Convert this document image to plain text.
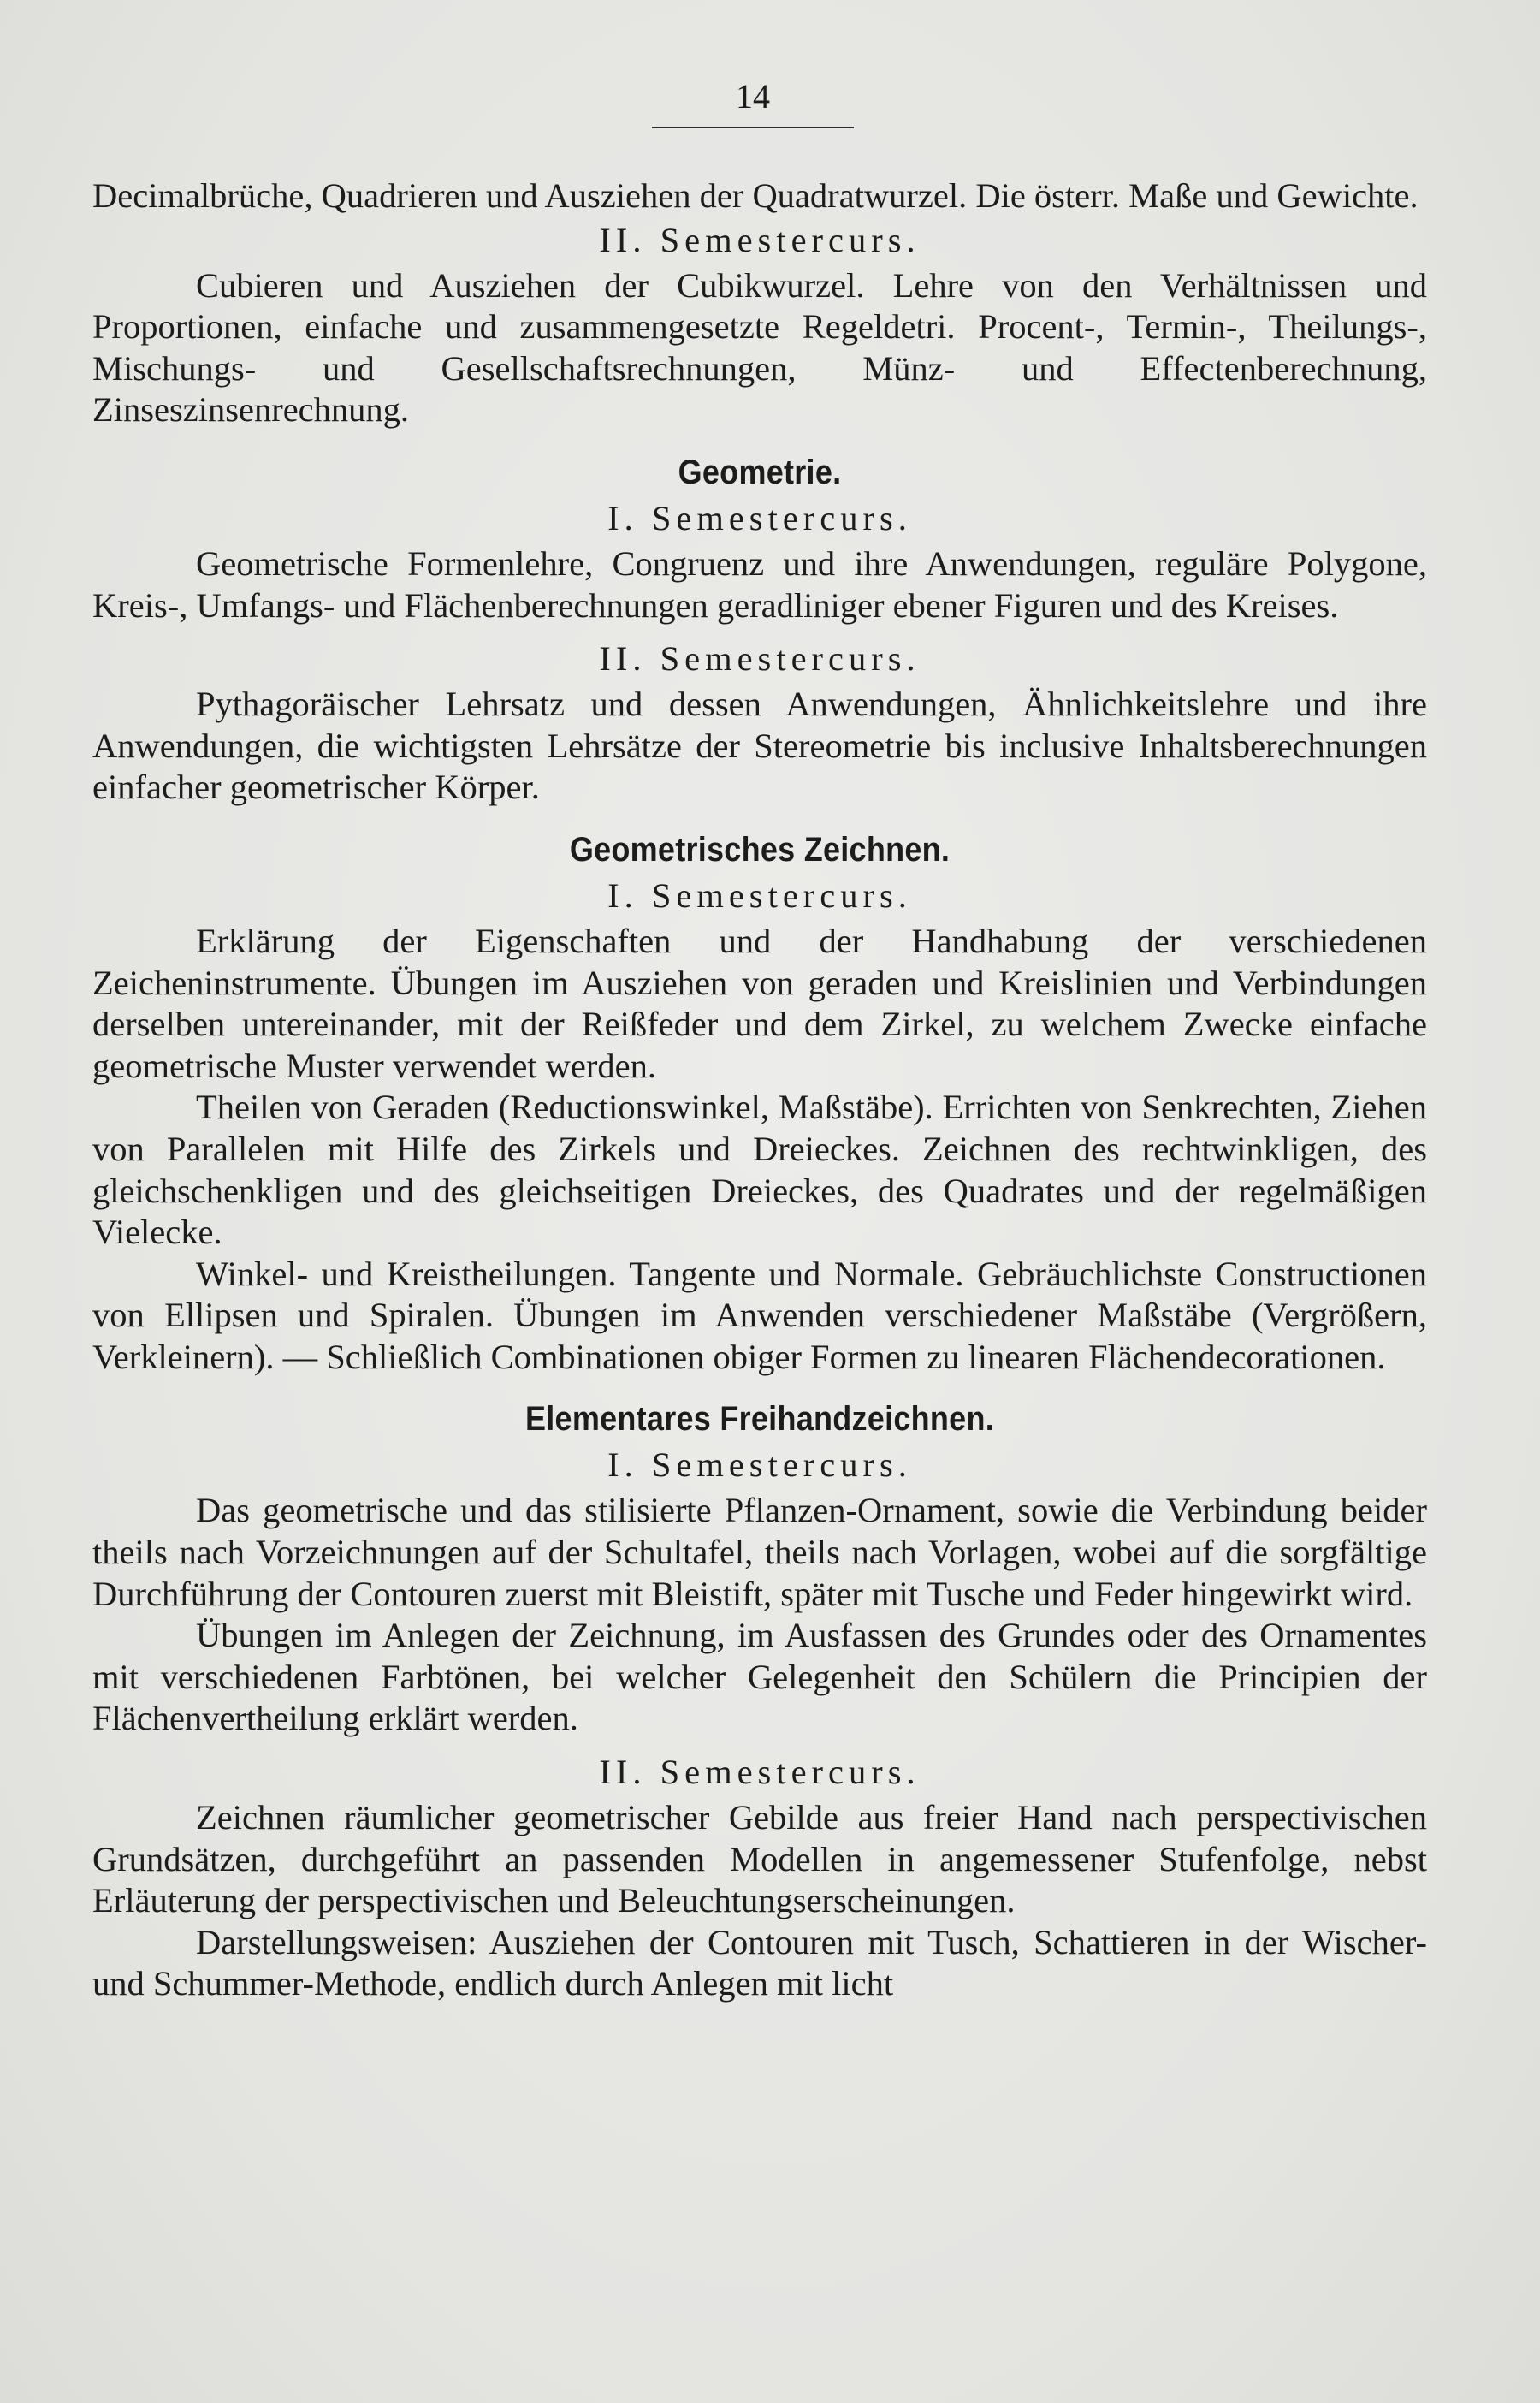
14

Decimalbrüche, Quadrieren und Ausziehen der Quadratwurzel. Die österr. Maße und Gewichte.

II. Semestercurs.

Cubieren und Ausziehen der Cubikwurzel. Lehre von den Verhältnissen und Proportionen, einfache und zusammengesetzte Regeldetri. Procent-, Termin-, Theilungs-, Mischungs- und Gesellschaftsrechnungen, Münz- und Effectenberechnung, Zinseszinsenrechnung.

Geometrie.
I. Semestercurs.

Geometrische Formenlehre, Congruenz und ihre Anwendungen, reguläre Polygone, Kreis-, Umfangs- und Flächenberechnungen geradliniger ebener Figuren und des Kreises.

II. Semestercurs.

Pythagoräischer Lehrsatz und dessen Anwendungen, Ähnlichkeitslehre und ihre Anwendungen, die wichtigsten Lehrsätze der Stereometrie bis inclusive Inhaltsberechnungen einfacher geometrischer Körper.

Geometrisches Zeichnen.
I. Semestercurs.

Erklärung der Eigenschaften und der Handhabung der verschiedenen Zeicheninstrumente. Übungen im Ausziehen von geraden und Kreislinien und Verbindungen derselben untereinander, mit der Reißfeder und dem Zirkel, zu welchem Zwecke einfache geometrische Muster verwendet werden.

Theilen von Geraden (Reductionswinkel, Maßstäbe). Errichten von Senkrechten, Ziehen von Parallelen mit Hilfe des Zirkels und Dreieckes. Zeichnen des rechtwinkligen, des gleichschenkligen und des gleichseitigen Dreieckes, des Quadrates und der regelmäßigen Vielecke.

Winkel- und Kreistheilungen. Tangente und Normale. Gebräuchlichste Constructionen von Ellipsen und Spiralen. Übungen im Anwenden verschiedener Maßstäbe (Vergrößern, Verkleinern). — Schließlich Combinationen obiger Formen zu linearen Flächendecorationen.

Elementares Freihandzeichnen.
I. Semestercurs.

Das geometrische und das stilisierte Pflanzen-Ornament, sowie die Verbindung beider theils nach Vorzeichnungen auf der Schultafel, theils nach Vorlagen, wobei auf die sorgfältige Durchführung der Contouren zuerst mit Bleistift, später mit Tusche und Feder hingewirkt wird.

Übungen im Anlegen der Zeichnung, im Ausfassen des Grundes oder des Ornamentes mit verschiedenen Farbtönen, bei welcher Gelegenheit den Schülern die Principien der Flächenvertheilung erklärt werden.

II. Semestercurs.

Zeichnen räumlicher geometrischer Gebilde aus freier Hand nach perspectivischen Grundsätzen, durchgeführt an passenden Modellen in angemessener Stufenfolge, nebst Erläuterung der perspectivischen und Beleuchtungserscheinungen.

Darstellungsweisen: Ausziehen der Contouren mit Tusch, Schattieren in der Wischer- und Schummer-Methode, endlich durch Anlegen mit licht
